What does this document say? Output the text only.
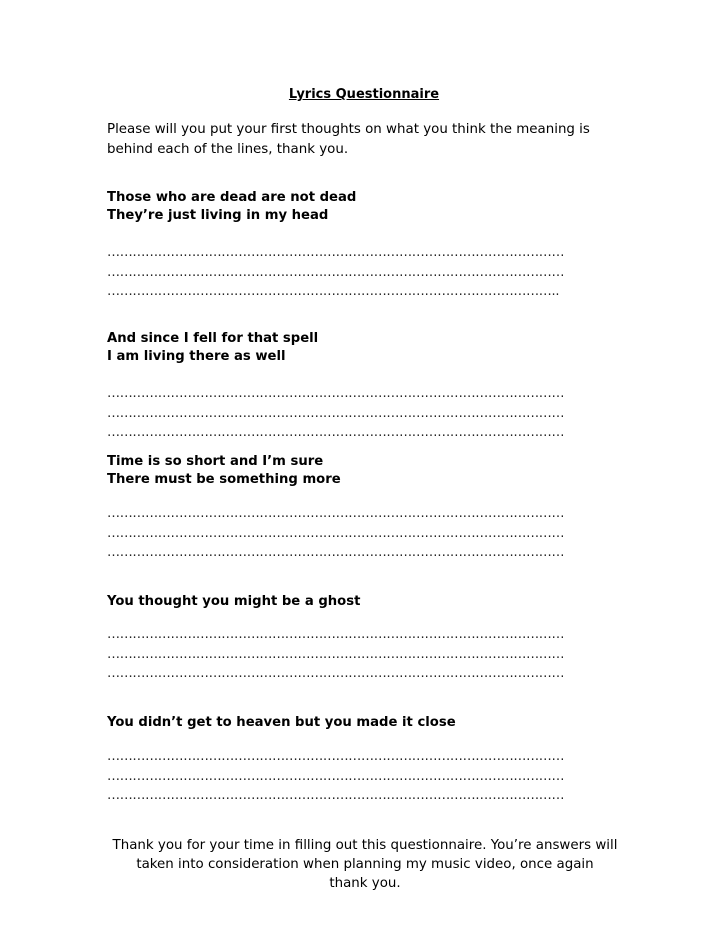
Lyrics Questionnaire

Please will you put your first thoughts on what you think the meaning is

behind each of the lines, thank you.

Those who are dead are not dead

They’re just living in my head

………………………………………………………………………………………………

………………………………………………………………………………………………

……………………………………………………………………………………………..

And since I fell for that spell

I am living there as well

………………………………………………………………………………………………

………………………………………………………………………………………………

………………………………………………………………………………………………

Time is so short and I’m sure

There must be something more

………………………………………………………………………………………………

………………………………………………………………………………………………

………………………………………………………………………………………………

You thought you might be a ghost

………………………………………………………………………………………………

………………………………………………………………………………………………

………………………………………………………………………………………………

You didn’t get to heaven but you made it close

………………………………………………………………………………………………

………………………………………………………………………………………………

………………………………………………………………………………………………

Thank you for your time in filling out this questionnaire. You’re answers will
taken into consideration when planning my music video, once again
thank you.
